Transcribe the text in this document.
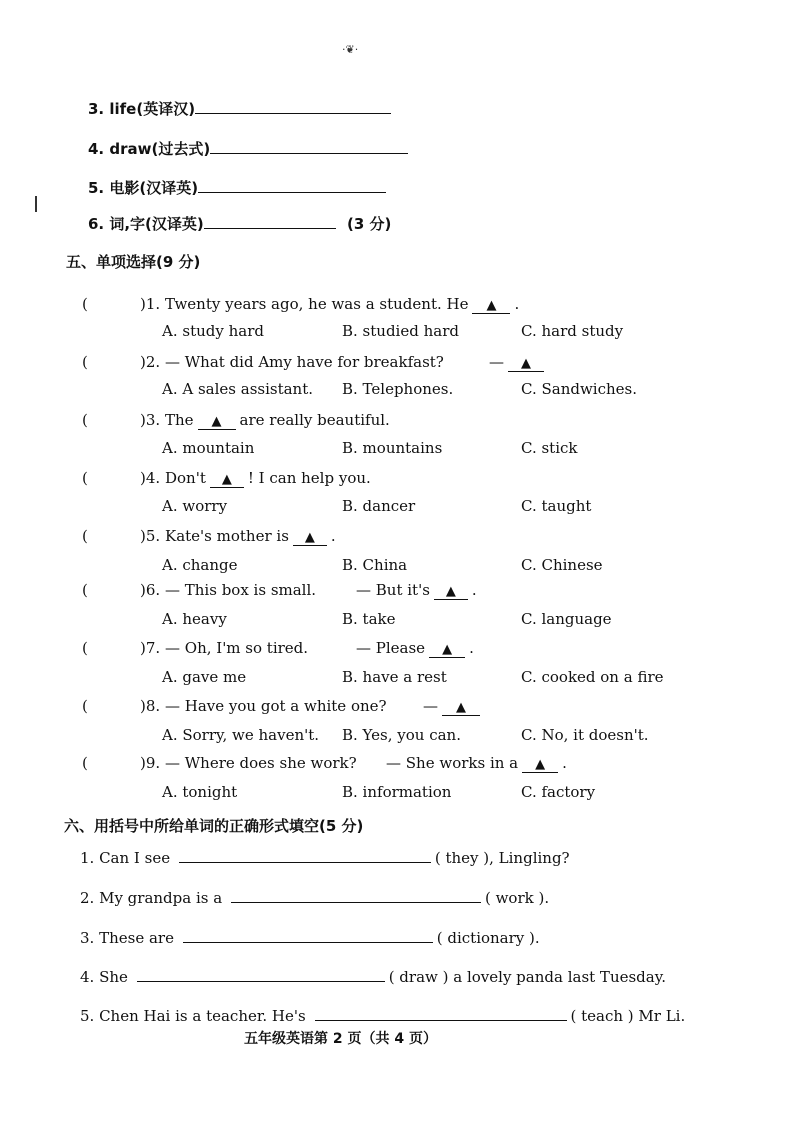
·❦·
3. life(英译汉)
4. draw(过去式)
5. 电影(汉译英)
6. 词,字(汉译英)	(3 分)
五、单项选择(9 分)
(	)1. Twenty years ago, he was a student. He ▲ .
A. study hard	B. studied hard	C. hard study
(	)2. — What did Amy have for breakfast?	— ▲
A. A sales assistant. B. Telephones.	C. Sandwiches.
(	)3. The ▲ are really beautiful.
A. mountain	B. mountains	C. stick
(	)4. Don't ▲ ! I can help you.
A. worry	B. dancer	C. taught
(	)5. Kate's mother is ▲ .
A. change	B. China	C. Chinese
(	)6. — This box is small.	— But it's ▲ .
A. heavy	B. take	C. language
(	)7. — Oh, I'm so tired.	— Please ▲ .
A. gave me	B. have a rest	C. cooked on a fire
(	)8. — Have you got a white one? — ▲
A. Sorry, we haven't. B. Yes, you can.	C. No, it doesn't.
(	)9. — Where does she work? — She works in a ▲ .
A. tonight	B. information	C. factory
六、用括号中所给单词的正确形式填空(5 分)
1. Can I see	( they ), Lingling?
2. My grandpa is a	( work ).
3. These are	( dictionary ).
4. She	( draw ) a lovely panda last Tuesday.
5. Chen Hai is a teacher. He's	( teach ) Mr Li.
五年级英语第 2 页（共 4 页）
